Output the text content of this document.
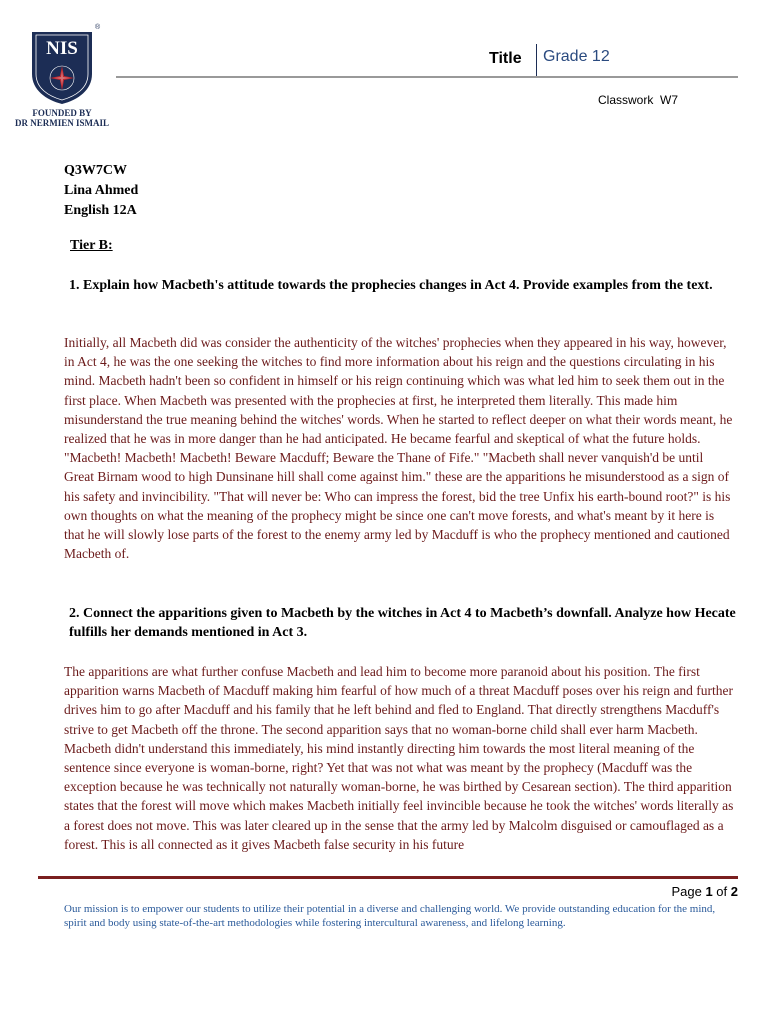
NIS
®
FOUNDED BY
DR NERMIEN ISMAIL
Title Grade 12
Classwork  W7
Q3W7CW
Lina Ahmed
English 12A
Tier B:
1. Explain how Macbeth's attitude towards the prophecies changes in Act 4. Provide examples from the text.
Initially, all Macbeth did was consider the authenticity of the witches' prophecies when they appeared in his way, however, in Act 4, he was the one seeking the witches to find more information about his reign and the questions circulating in his mind. Macbeth hadn't been so confident in himself or his reign continuing which was what led him to seek them out in the first place. When Macbeth was presented with the prophecies at first, he interpreted them literally. This made him misunderstand the true meaning behind the witches' words. When he started to reflect deeper on what their words meant, he realized that he was in more danger than he had anticipated. He became fearful and skeptical of what the future holds. "Macbeth! Macbeth! Macbeth! Beware Macduff; Beware the Thane of Fife." "Macbeth shall never vanquish'd be until Great Birnam wood to high Dunsinane hill shall come against him." these are the apparitions he misunderstood as a sign of his safety and invincibility. "That will never be: Who can impress the forest, bid the tree Unfix his earth-bound root?" is his own thoughts on what the meaning of the prophecy might be since one can't move forests, and what's meant by it here is that he will slowly lose parts of the forest to the enemy army led by Macduff is who the prophecy mentioned and cautioned Macbeth of.
2. Connect the apparitions given to Macbeth by the witches in Act 4 to Macbeth’s downfall. Analyze how Hecate fulfills her demands mentioned in Act 3.
The apparitions are what further confuse Macbeth and lead him to become more paranoid about his position. The first apparition warns Macbeth of Macduff making him fearful of how much of a threat Macduff poses over his reign and further drives him to go after Macduff and his family that he left behind and fled to England. That directly strengthens Macduff's strive to get Macbeth off the throne. The second apparition says that no woman-borne child shall ever harm Macbeth. Macbeth didn't understand this immediately, his mind instantly directing him towards the most literal meaning of the sentence since everyone is woman-borne, right? Yet that was not what was meant by the prophecy (Macduff was the exception because he was technically not naturally woman-borne, he was birthed by Cesarean section). The third apparition states that the forest will move which makes Macbeth initially feel invincible because he took the witches' words literally as a forest does not move. This was later cleared up in the sense that the army led by Malcolm disguised or camouflaged as a forest. This is all connected as it gives Macbeth false security in his future
Page 1 of 2
Our mission is to empower our students to utilize their potential in a diverse and challenging world. We provide outstanding education for the mind, spirit and body using state-of-the-art methodologies while fostering intercultural awareness, and lifelong learning.
